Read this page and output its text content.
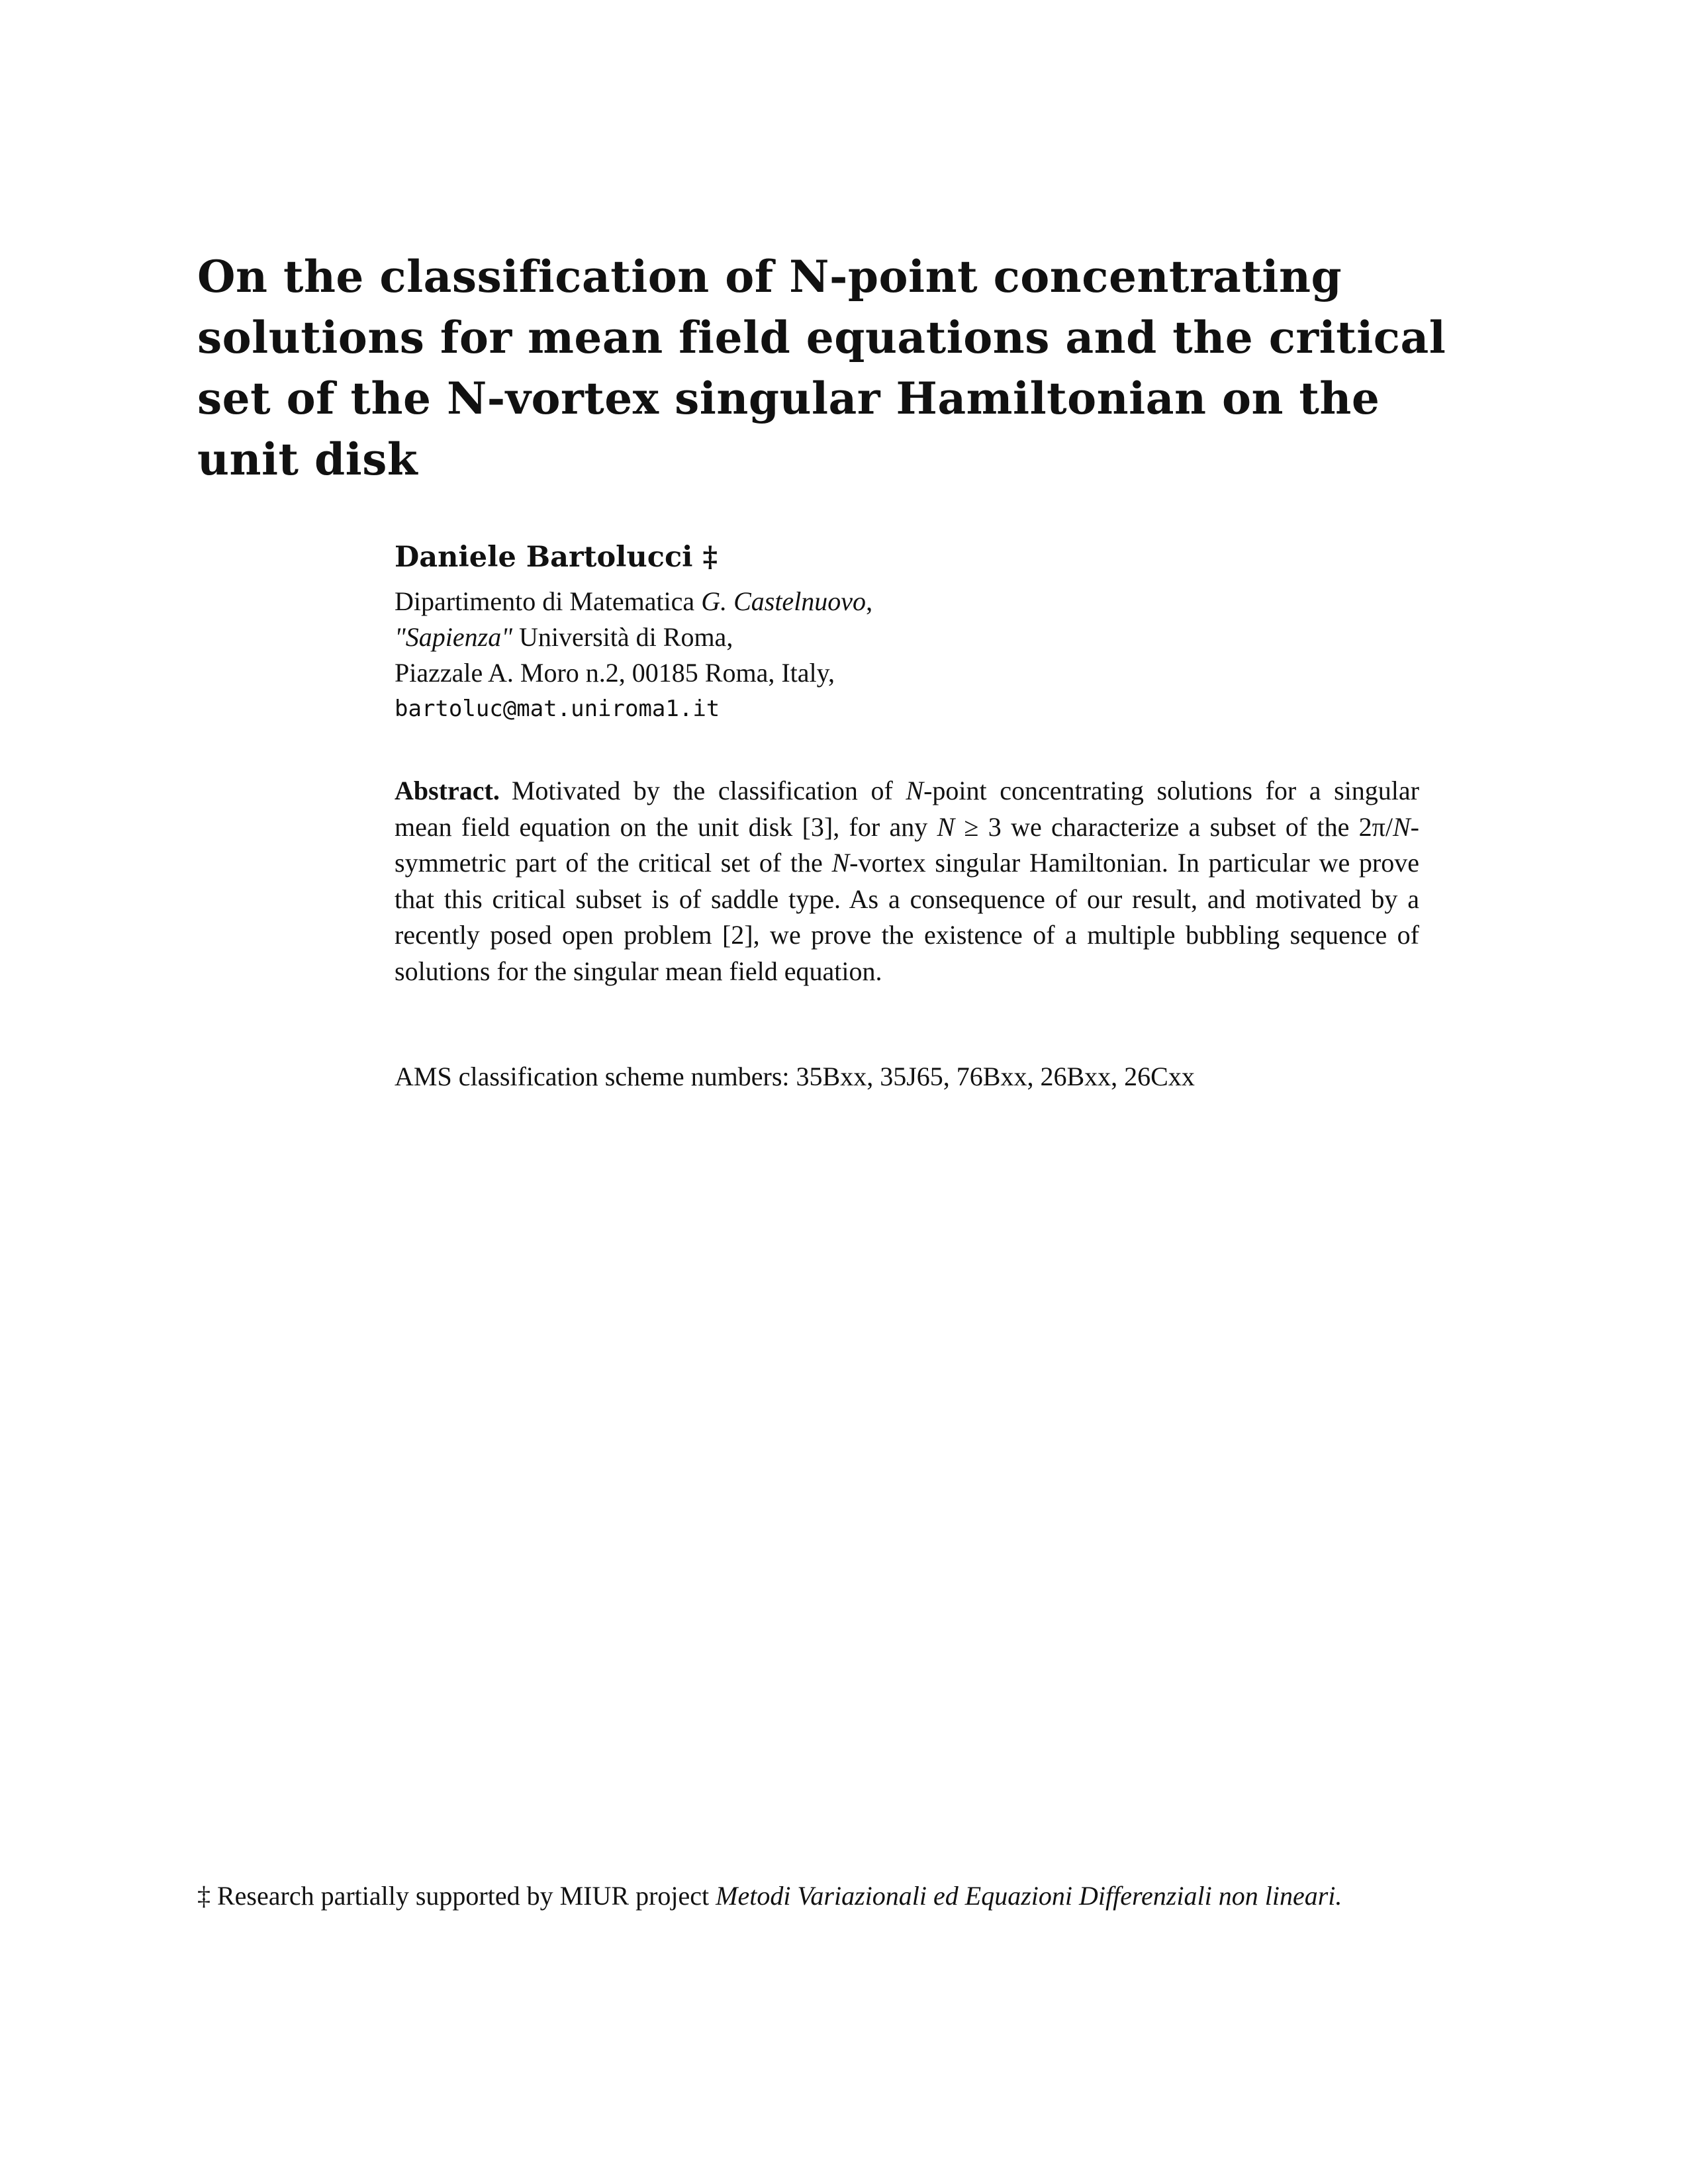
On the classification of N-point concentrating
solutions for mean field equations and the critical
set of the N-vortex singular Hamiltonian on the
unit disk
Daniele Bartolucci ‡
Dipartimento di Matematica G. Castelnuovo,
"Sapienza" Università di Roma,
Piazzale A. Moro n.2, 00185 Roma, Italy,
bartoluc@mat.uniroma1.it

Abstract. Motivated by the classification of N-point concentrating solutions for a singular mean field equation on the unit disk [3], for any N ≥ 3 we characterize a subset of the 2π/N-symmetric part of the critical set of the N-vortex singular Hamiltonian. In particular we prove that this critical subset is of saddle type. As a consequence of our result, and motivated by a recently posed open problem [2], we prove the existence of a multiple bubbling sequence of solutions for the singular mean field equation.

AMS classification scheme numbers: 35Bxx, 35J65, 76Bxx, 26Bxx, 26Cxx

‡ Research partially supported by MIUR project Metodi Variazionali ed Equazioni Differenziali non lineari.
